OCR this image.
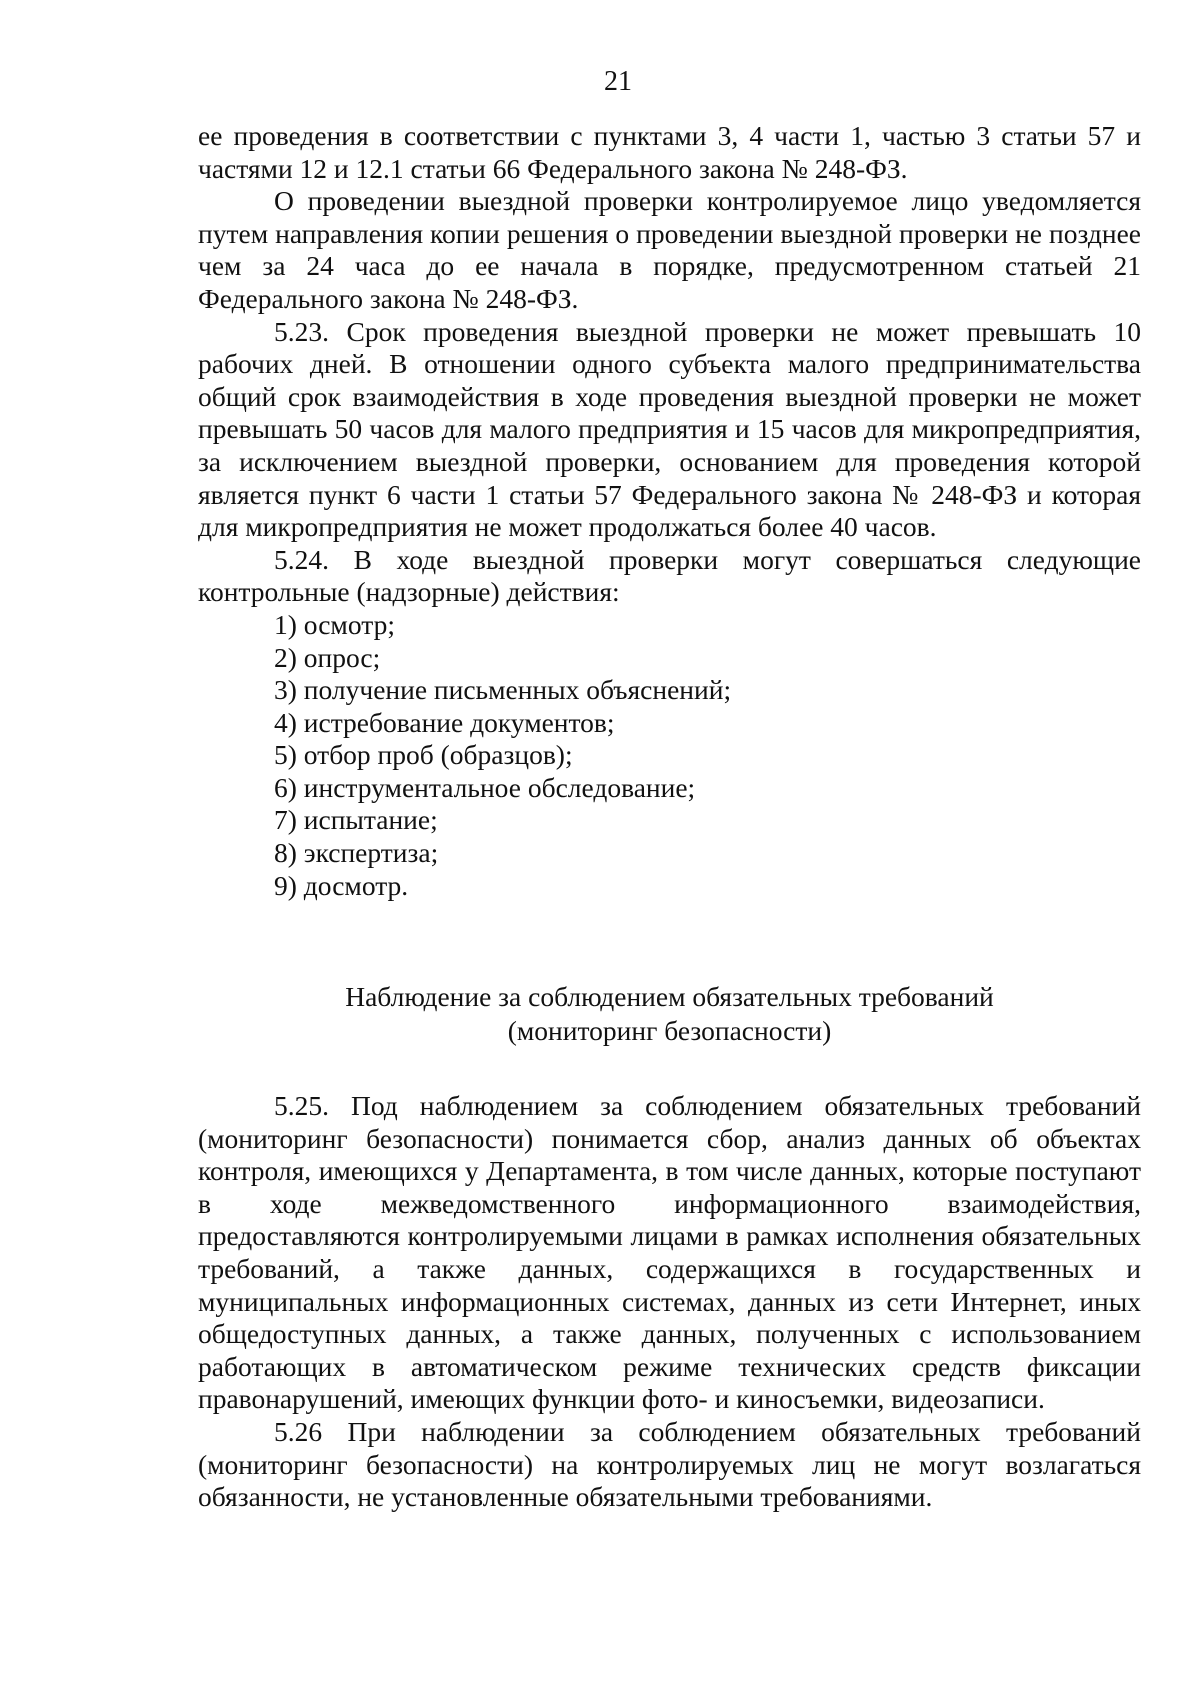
21

ее проведения в соответствии с пунктами 3, 4 части 1, частью 3 статьи 57 и частями 12 и 12.1 статьи 66 Федерального закона № 248-ФЗ.

О проведении выездной проверки контролируемое лицо уведомляется путем направления копии решения о проведении выездной проверки не позднее чем за 24 часа до ее начала в порядке, предусмотренном статьей 21 Федерального закона № 248-ФЗ.

5.23. Срок проведения выездной проверки не может превышать 10 рабочих дней. В отношении одного субъекта малого предпринимательства общий срок взаимодействия в ходе проведения выездной проверки не может превышать 50 часов для малого предприятия и 15 часов для микропредприятия, за исключением выездной проверки, основанием для проведения которой является пункт 6 части 1 статьи 57 Федерального закона № 248-ФЗ и которая для микропредприятия не может продолжаться более 40 часов.

5.24. В ходе выездной проверки могут совершаться следующие контрольные (надзорные) действия:

1) осмотр;
2) опрос;
3) получение письменных объяснений;
4) истребование документов;
5) отбор проб (образцов);
6) инструментальное обследование;
7) испытание;
8) экспертиза;
9) досмотр.
Наблюдение за соблюдением обязательных требований
(мониторинг безопасности)

5.25. Под наблюдением за соблюдением обязательных требований (мониторинг безопасности) понимается сбор, анализ данных об объектах контроля, имеющихся у Департамента, в том числе данных, которые поступают в ходе межведомственного информационного взаимодействия, предоставляются контролируемыми лицами в рамках исполнения обязательных требований, а также данных, содержащихся в государственных и муниципальных информационных системах, данных из сети Интернет, иных общедоступных данных, а также данных, полученных с использованием работающих в автоматическом режиме технических средств фиксации правонарушений, имеющих функции фото- и киносъемки, видеозаписи.

5.26 При наблюдении за соблюдением обязательных требований (мониторинг безопасности) на контролируемых лиц не могут возлагаться обязанности, не установленные обязательными требованиями.
